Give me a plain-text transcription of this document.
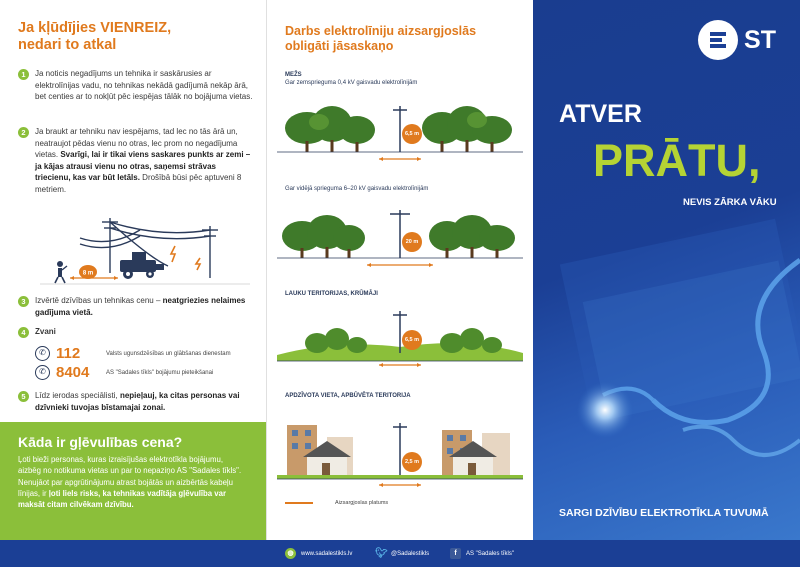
Ja kļūdījies VIENREIZ,
nedari to atkal
1	Ja noticis negadījums un tehnika ir saskārusies ar elektrolīnijas vadu, no tehnikas nekādā gadījumā nekāp ārā, bet centies ar to nokļūt pēc iespējas tālāk no bojājuma vietas.
2	Ja braukt ar tehniku nav iespējams, tad lec no tās ārā un, neatraujot pēdas vienu no otras, lec prom no negadījuma vietas. Svarīgi, lai ir tikai viens saskares punkts ar zemi – ja kājas atrausi vienu no otras, saņemsi strāvas triecienu, kas var būt letāls. Drošībā būsi pēc aptuveni 8 metriem.
8 m
3	Izvērtē dzīvības un tehnikas cenu – neatgriezies nelaimes gadījuma vietā.
4	Zvani
✆ 112	Valsts ugunsdzēsības un glābšanas dienestam
✆ 8404	AS "Sadales tīkls" bojājumu pieteikšanai
5	Līdz ierodas speciālisti, nepieļauj, ka citas personas vai dzīvnieki tuvojas bīstamajai zonai.
Kāda ir gļēvulības cena?
Ļoti bieži personas, kuras izraisījušas elektrotīkla bojājumu, aizbēg no notikuma vietas un par to nepaziņo AS "Sadales tīkls". Nenujāot par apgrūtinājumu atrast bojātās un aizbērtās kabeļu līnijas, ir ļoti liels risks, ka tehnikas vadītāja gļēvulība var maksāt citam cilvēkam dzīvību.
Darbs elektrolīniju aizsargjoslās
obligāti jāsaskaņo
MEŽS
Gar zemsprieguma 0,4 kV gaisvadu elektrolīnijām
6,5 m
Gar vidējā sprieguma 6–20 kV gaisvadu elektrolīnijām
20 m
LAUKU TERITORIJAS, KRŪMĀJI
6,5 m
APDZĪVOTA VIETA, APBŪVĒTA TERITORIJA
2,5 m
Aizsargjoslas platums
ST
ATVER
PRĀTU,
NEVIS ZĀRKA VĀKU
SARGI DZĪVĪBU ELEKTROTĪKLA TUVUMĀ
◍	www.sadalestikls.lv 🐦︎ @Sadalestikls	f	AS "Sadales tīkls"
